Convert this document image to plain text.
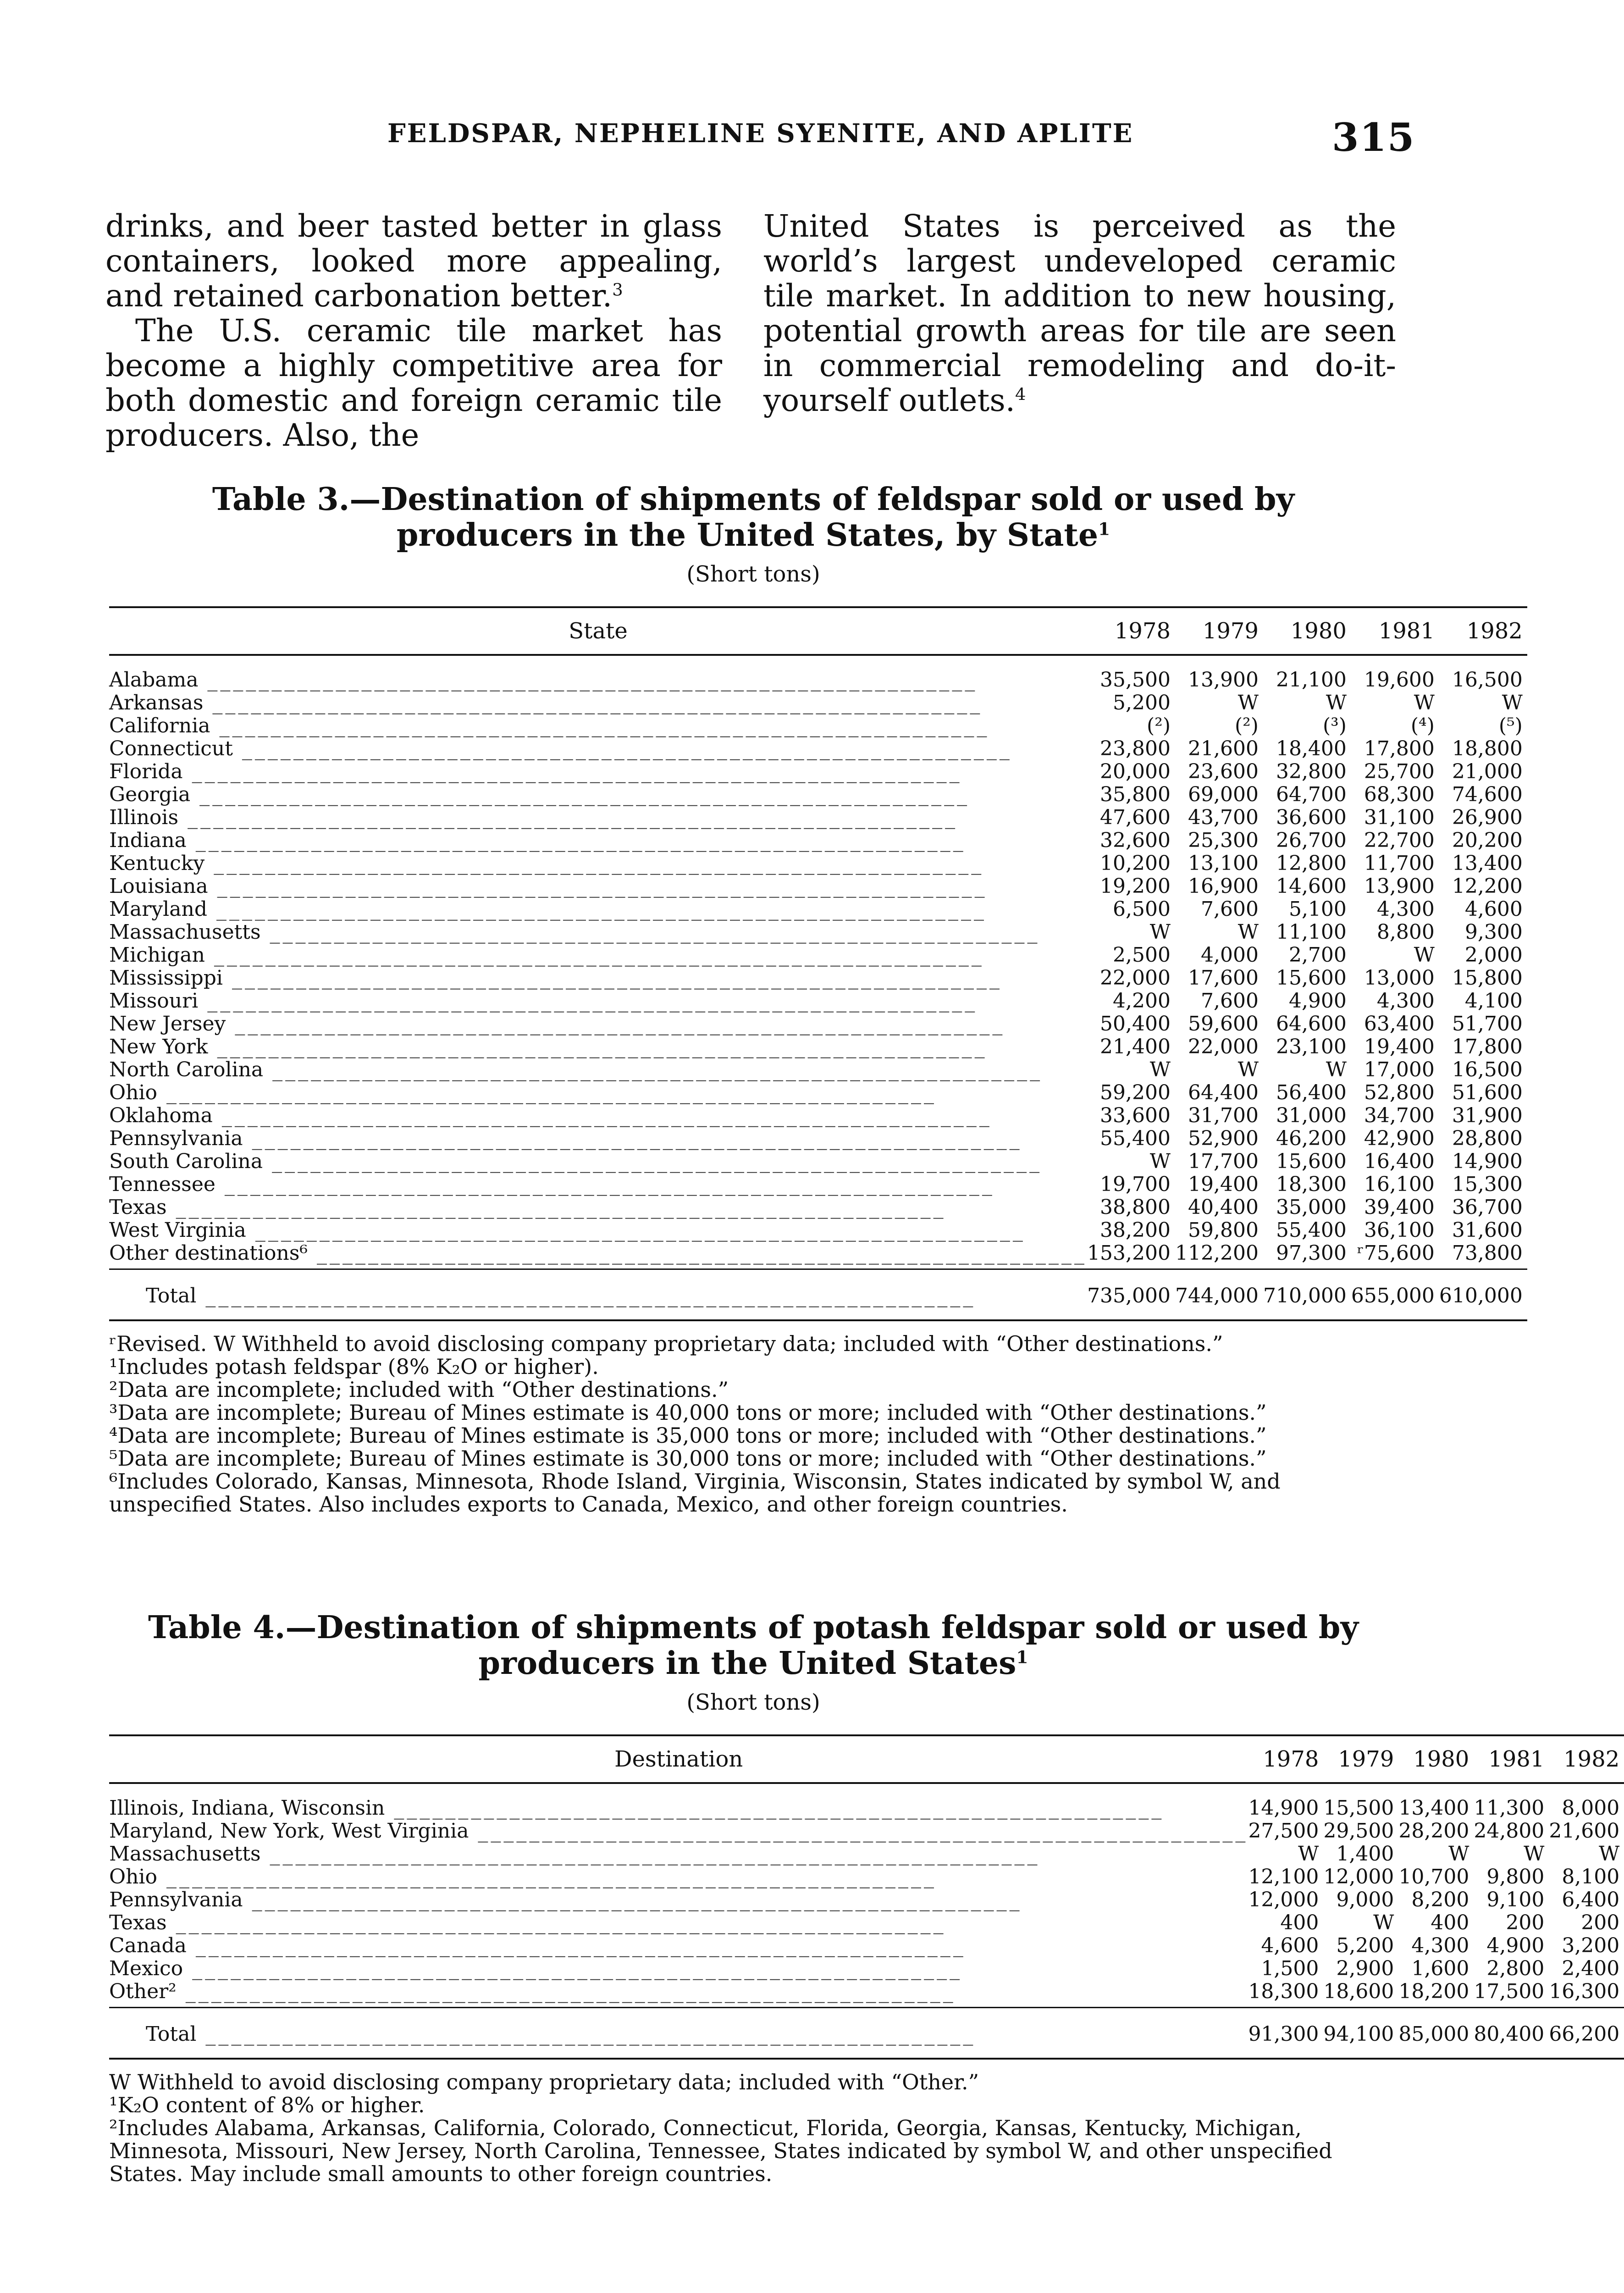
FELDSPAR, NEPHELINE SYENITE, AND APLITE	315

drinks, and beer tasted better in glass containers, looked more appealing, and retained carbonation better.$^3$

The U.S. ceramic tile market has become a highly competitive area for both domestic and foreign ceramic tile producers. Also, the

United States is perceived as the world’s largest undeveloped ceramic tile market. In addition to new housing, potential growth areas for tile are seen in commercial remodeling and do-it-yourself outlets.$^4$

Table 3.—Destination of shipments of feldspar sold or used by producers in the United States, by State$^1$
(Short tons)
State	1978	1979	1980	1981	1982
Alabama ____________________________________________________________	35,500	13,900	21,100	19,600	16,500
Arkansas ____________________________________________________________	5,200	W	W	W	W
California ____________________________________________________________	(²)	(²)	(³)	(⁴)	(⁵)
Connecticut ____________________________________________________________	23,800	21,600	18,400	17,800	18,800
Florida ____________________________________________________________	20,000	23,600	32,800	25,700	21,000
Georgia ____________________________________________________________	35,800	69,000	64,700	68,300	74,600
Illinois ____________________________________________________________	47,600	43,700	36,600	31,100	26,900
Indiana ____________________________________________________________	32,600	25,300	26,700	22,700	20,200
Kentucky ____________________________________________________________	10,200	13,100	12,800	11,700	13,400
Louisiana ____________________________________________________________	19,200	16,900	14,600	13,900	12,200
Maryland ____________________________________________________________	6,500	7,600	5,100	4,300	4,600
Massachusetts ____________________________________________________________	W	W	11,100	8,800	9,300
Michigan ____________________________________________________________	2,500	4,000	2,700	W	2,000
Mississippi ____________________________________________________________	22,000	17,600	15,600	13,000	15,800
Missouri ____________________________________________________________	4,200	7,600	4,900	4,300	4,100
New Jersey ____________________________________________________________	50,400	59,600	64,600	63,400	51,700
New York ____________________________________________________________	21,400	22,000	23,100	19,400	17,800
North Carolina ____________________________________________________________	W	W	W	17,000	16,500
Ohio ____________________________________________________________	59,200	64,400	56,400	52,800	51,600
Oklahoma ____________________________________________________________	33,600	31,700	31,000	34,700	31,900
Pennsylvania ____________________________________________________________	55,400	52,900	46,200	42,900	28,800
South Carolina ____________________________________________________________	W	17,700	15,600	16,400	14,900
Tennessee ____________________________________________________________	19,700	19,400	18,300	16,100	15,300
Texas ____________________________________________________________	38,800	40,400	35,000	39,400	36,700
West Virginia ____________________________________________________________	38,200	59,800	55,400	36,100	31,600
Other destinations⁶ ____________________________________________________________	153,200	112,200	97,300	ʳ75,600	73,800
Total ____________________________________________________________	735,000	744,000	710,000	655,000	610,000

ʳRevised. W Withheld to avoid disclosing company proprietary data; included with “Other destinations.”

¹Includes potash feldspar (8% K₂O or higher).

²Data are incomplete; included with “Other destinations.”

³Data are incomplete; Bureau of Mines estimate is 40,000 tons or more; included with “Other destinations.”

⁴Data are incomplete; Bureau of Mines estimate is 35,000 tons or more; included with “Other destinations.”

⁵Data are incomplete; Bureau of Mines estimate is 30,000 tons or more; included with “Other destinations.”

⁶Includes Colorado, Kansas, Minnesota, Rhode Island, Virginia, Wisconsin, States indicated by symbol W, and unspecified States. Also includes exports to Canada, Mexico, and other foreign countries.

Table 4.—Destination of shipments of potash feldspar sold or used by producers in the United States$^1$
(Short tons)
Destination	1978	1979	1980	1981	1982
Illinois, Indiana, Wisconsin ____________________________________________________________	14,900	15,500	13,400	11,300	8,000
Maryland, New York, West Virginia ____________________________________________________________	27,500	29,500	28,200	24,800	21,600
Massachusetts ____________________________________________________________	W	1,400	W	W	W
Ohio ____________________________________________________________	12,100	12,000	10,700	9,800	8,100
Pennsylvania ____________________________________________________________	12,000	9,000	8,200	9,100	6,400
Texas ____________________________________________________________	400	W	400	200	200
Canada ____________________________________________________________	4,600	5,200	4,300	4,900	3,200
Mexico ____________________________________________________________	1,500	2,900	1,600	2,800	2,400
Other² ____________________________________________________________	18,300	18,600	18,200	17,500	16,300
Total ____________________________________________________________	91,300	94,100	85,000	80,400	66,200

W Withheld to avoid disclosing company proprietary data; included with “Other.”

¹K₂O content of 8% or higher.

²Includes Alabama, Arkansas, California, Colorado, Connecticut, Florida, Georgia, Kansas, Kentucky, Michigan, Minnesota, Missouri, New Jersey, North Carolina, Tennessee, States indicated by symbol W, and other unspecified States. May include small amounts to other foreign countries.
